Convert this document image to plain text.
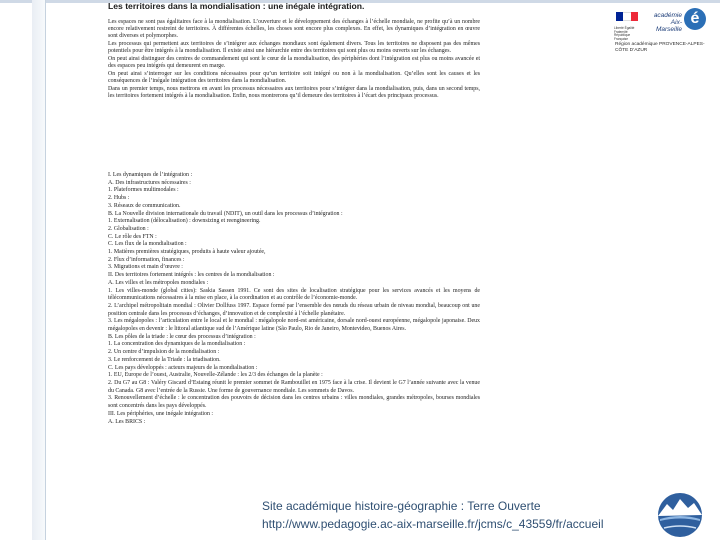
Les territoires dans la mondialisation : une inégale intégration.

Les espaces ne sont pas égalitaires face à la mondialisation. L’ouverture et le développement des échanges à l’échelle mondiale, ne profite qu’à un nombre encore relativement restreint de territoires. À différentes échelles, les choses sont encore plus complexes. En effet, les dynamiques d’intégration en œuvre sont diverses et polymorphes.

Les processus qui permettent aux territoires de s’intégrer aux échanges mondiaux sont également divers. Tous les territoires ne disposent pas des mêmes potentiels pour être intégrés à la mondialisation. Il existe ainsi une hiérarchie entre des territoires qui sont plus ou moins ouverts sur les échanges.

On peut ainsi distinguer des centres de commandement qui sont le cœur de la mondialisation, des périphéries dont l’intégration est plus ou moins avancée et des espaces peu intégrés qui demeurent en marge.

On peut ainsi s’interroger sur les conditions nécessaires pour qu’un territoire soit intégré ou non à la mondialisation. Qu’elles sont les causes et les conséquences de l’inégale intégration des territoires dans la mondialisation.

Dans un premier temps, nous mettrons en avant les processus nécessaires aux territoires pour s’intégrer dans la mondialisation, puis, dans un second temps, les territoires fortement intégrés à la mondialisation. Enfin, nous montrerons qu’il demeure des territoires à l’écart des principaux processus.

I. Les dynamiques de l’intégration :

A. Des infrastructures nécessaires :

1. Plateformes multimodales :

2. Hubs :

3. Réseaux de communication.

B. La Nouvelle division internationale du travail (NDIT), un outil dans les processus d’intégration :

1. Externalisation (délocalisation) : downsizing et reengineering.

2. Globalisation :

C. Le rôle des FTN :

C. Les flux de la mondialisation :

1. Matières premières stratégiques, produits à haute valeur ajoutée,

2. Flux d’information, finances :

3. Migrations et main d’œuvre :

II. Des territoires fortement intégrés : les centres de la mondialisation :

A. Les villes et les métropoles mondiales :

1. Les villes-monde (global cities): Saskia Sassen 1991. Ce sont des sites de localisation stratégique pour les services avancés et les moyens de télécommunications nécessaires à la mise en place, à la coordination et au contrôle de l’économie-monde.

2. L’archipel métropolitain mondial : Olivier Dollfuss 1997. Espace formé par l’ensemble des nœuds du réseau urbain de niveau mondial, beaucoup ont une position centrale dans les processus d’échanges, d’innovation et de complexité à l’échelle planétaire.

3. Les mégalopoles : l’articulation entre le local et le mondial : mégalopole nord-est américaine, dorsale nord-ouest européenne, mégalopole japonaise. Deux mégalopoles en devenir : le littoral atlantique sud de l’Amérique latine (São Paulo, Rio de Janeiro, Montevideo, Buenos Aires.

B. Les pôles de la triade : le cœur des processus d’intégration :

1. La concentration des dynamiques de la mondialisation :

2. Un centre d’impulsion de la mondialisation :

3. Le renforcement de la Triade : la triadisation.

C. Les pays développés : acteurs majeurs de la mondialisation :

1. EU, Europe de l’ouest, Australie, Nouvelle-Zélande : les 2/3 des échanges de la planète :

2. Du G7 au G8 : Valéry Giscard d’Estaing réunit le premier sommet de Rambouillet en 1975 face à la crise. Il devient le G7 l’année suivante avec la venue du Canada. G8 avec l’entrée de la Russie. Une forme de gouvernance mondiale. Les sommets de Davos.

3. Renouvellement d’échelle : le concentration des pouvoirs de décision dans les centres urbains : villes mondiales, grandes métropoles, bourses mondiales sont concentrés dans les pays développés.

III. Les périphéries, une inégale intégration :

A. Les BRICS :

Liberté Égalité Fraternité République Française
académie Aix-Marseille
é
Région académique PROVENCE-ALPES-CÔTE D’AZUR
Site académique histoire-géographie : Terre Ouverte
http://www.pedagogie.ac-aix-marseille.fr/jcms/c_43559/fr/accueil
